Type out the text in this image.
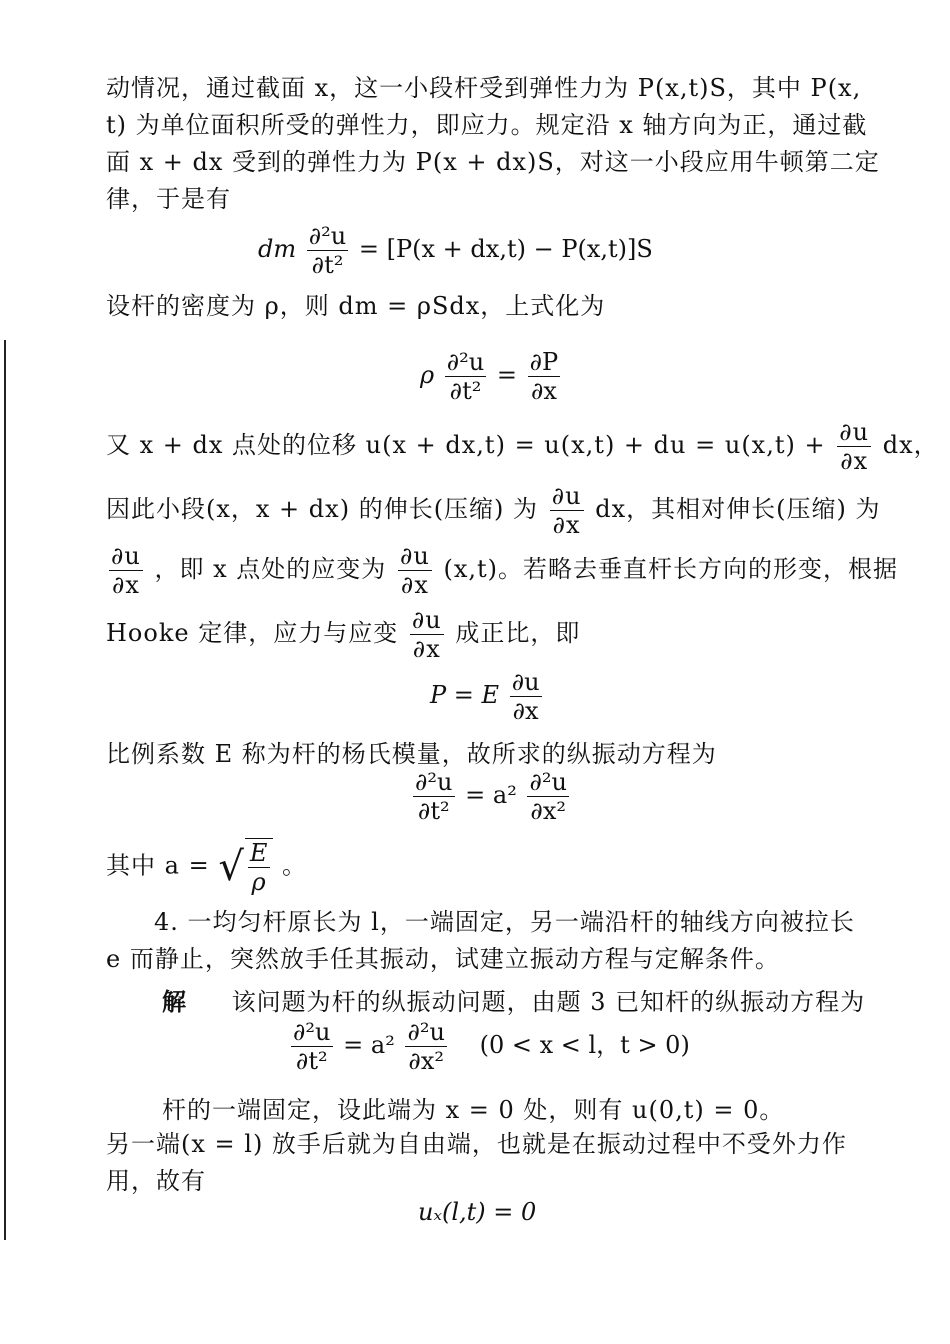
动情况，通过截面 x，这一小段杆受到弹性力为 P(x,t)S，其中 P(x,
t) 为单位面积所受的弹性力，即应力。规定沿 x 轴方向为正，通过截
面 x + dx 受到的弹性力为 P(x + dx)S，对这一小段应用牛顿第二定
律，于是有
dm $\frac{\text{∂²u}}{\text{∂t²}} = [P(x + dx,t) - P(x,t)]S$
设杆的密度为 ρ，则 dm = ρSdx，上式化为
ρ $\frac{\text{∂²u}}{\text{∂t²}} = \frac{\partial P}{\partial x}$
又 x + dx 点处的位移 u(x + dx,t) = u(x,t) + du = $u(x,t) + \frac{\partial u}{\partial x}$ dx，
因此小段(x，x + dx) 的伸长(压缩) 为 $\frac{\partial u}{\partial x}$ dx，其相对伸长(压缩) 为
$\frac{\partial u}{\partial x}$ ，即 x 点处的应变为 $\frac{\partial u}{\partial x} (x,t)$。若略去垂直杆长方向的形变，根据
Hooke 定律，应力与应变 $\frac{\partial u}{\partial x}$ 成正比，即
P = E $\frac{\partial u}{\partial x}$
比例系数 E 称为杆的杨氏模量，故所求的纵振动方程为
$\frac{\text{∂²u}}{\text{∂t²}} = a^2 \frac{\text{∂²u}}{\text{∂x²}}$
其中 a = √ $\frac{E}{\rho}$ 。
4. 一均匀杆原长为 l，一端固定，另一端沿杆的轴线方向被拉长
e 而静止，突然放手任其振动，试建立振动方程与定解条件。
解 该问题为杆的纵振动问题，由题 3 已知杆的纵振动方程为
$\frac{\text{∂²u}}{\text{∂t²}} = a^2 \frac{\text{∂²u}}{\text{∂x²}} (0 < x < l$，t > 0)
杆的一端固定，设此端为 x = 0 处，则有 u(0,t) = 0。
另一端(x = l) 放手后就为自由端，也就是在振动过程中不受外力作
用，故有
uₓ(l,t) = 0
